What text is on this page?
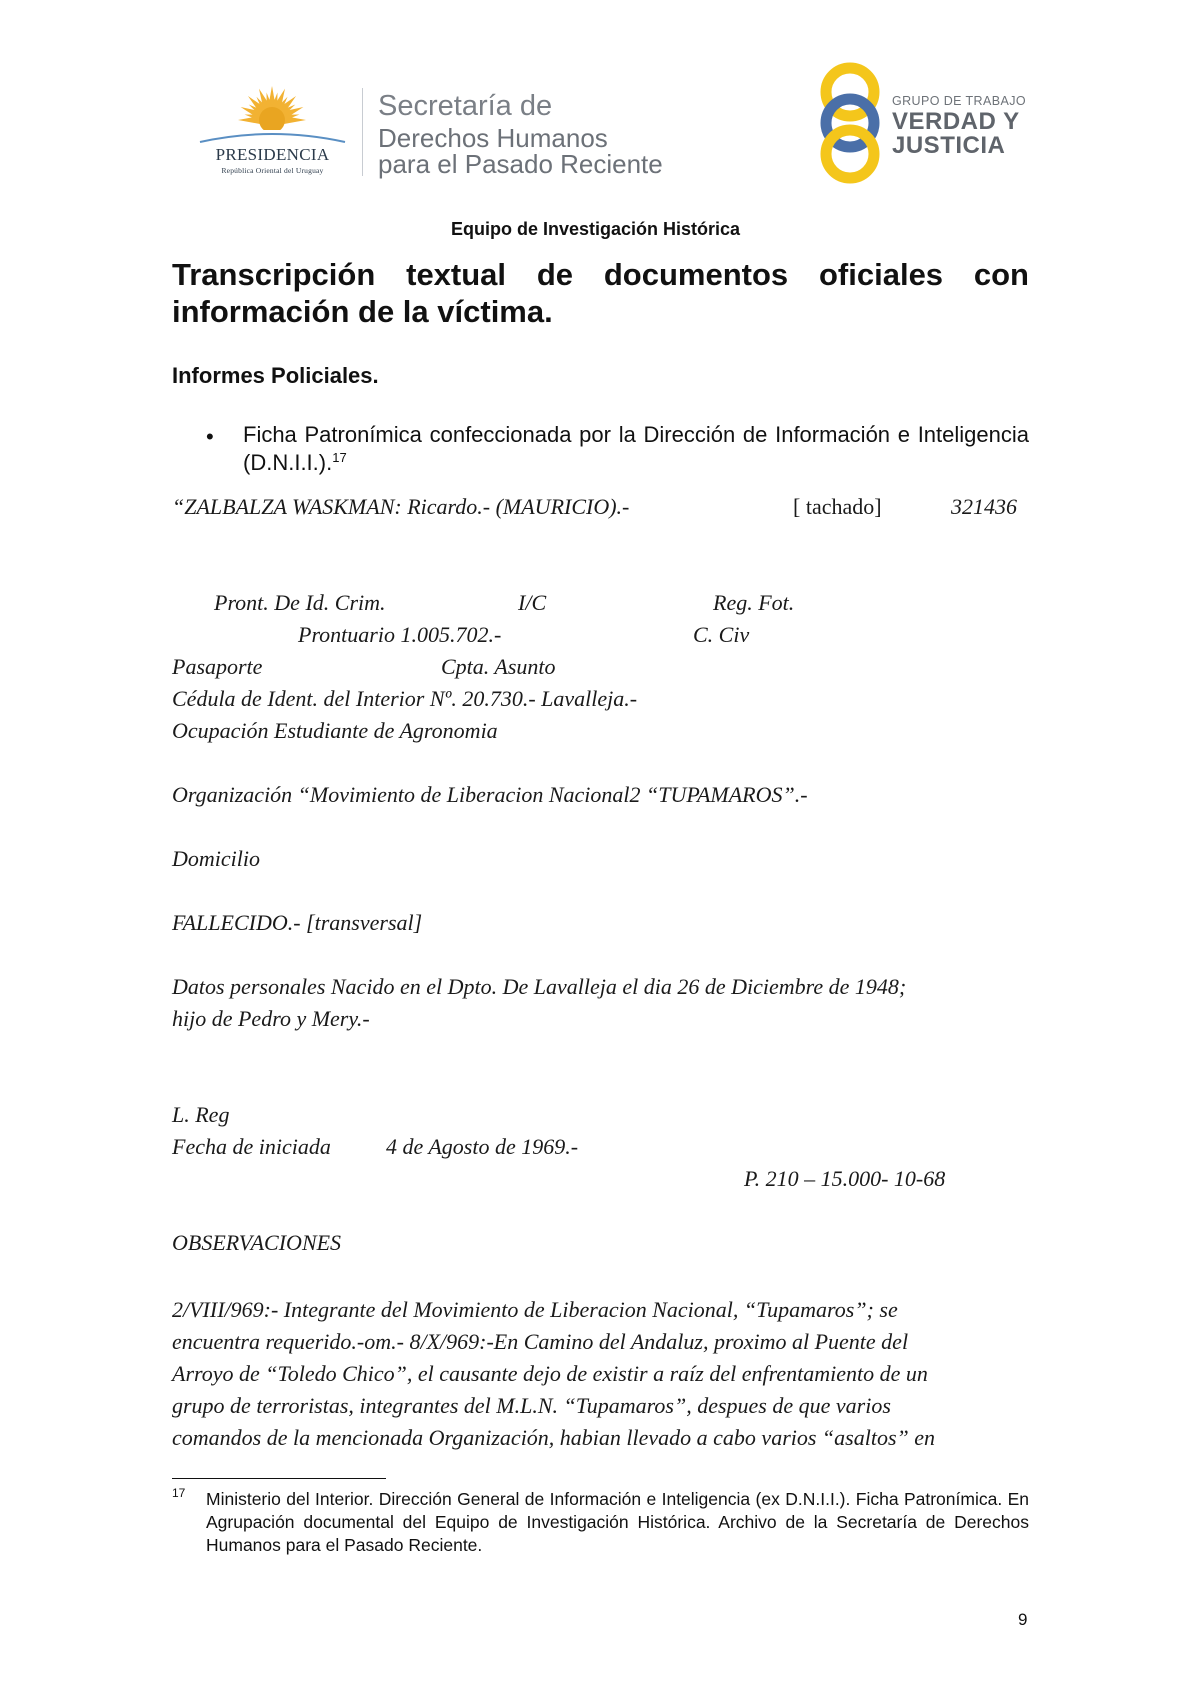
PRESIDENCIA
República Oriental del Uruguay
Secretaría de
Derechos Humanos
para el Pasado Reciente
GRUPO DE TRABAJO
VERDAD Y
JUSTICIA
Equipo de Investigación Histórica
Transcripción textual de documentos oficiales con información de la víctima.
Informes Policiales.
• Ficha Patronímica confeccionada por la Dirección de Información e Inteligencia (D.N.I.I.).$^{17}$
“ZALBALZA WASKMAN: Ricardo.- (MAURICIO).-	[ tachado]	321436
Pront. De Id. Crim.	I/C	Reg. Fot.
Prontuario 1.005.702.-	C. Civ
Pasaporte	Cpta. Asunto
Cédula de Ident. del Interior Nº. 20.730.- Lavalleja.-
Ocupación Estudiante de Agronomia
Organización “Movimiento de Liberacion Nacional2 “TUPAMAROS”.-
Domicilio
FALLECIDO.- [transversal]
Datos personales Nacido en el Dpto. De Lavalleja el dia 26 de Diciembre de 1948;
hijo de Pedro y Mery.-
L. Reg
Fecha de iniciada	4 de Agosto de 1969.-
P. 210 – 15.000- 10-68
OBSERVACIONES
2/VIII/969:- Integrante del Movimiento de Liberacion Nacional, “Tupamaros”; se
encuentra requerido.-om.- 8/X/969:-En Camino del Andaluz, proximo al Puente del
Arroyo de “Toledo Chico”, el causante dejo de existir a raíz del enfrentamiento de un
grupo de terroristas, integrantes del M.L.N. “Tupamaros”, despues de que varios
comandos de la mencionada Organización, habian llevado a cabo varios “asaltos” en
17 Ministerio del Interior. Dirección General de Información e Inteligencia (ex D.N.I.I.). Ficha Patronímica. En Agrupación documental del Equipo de Investigación Histórica. Archivo de la Secretaría de Derechos Humanos para el Pasado Reciente.
9
